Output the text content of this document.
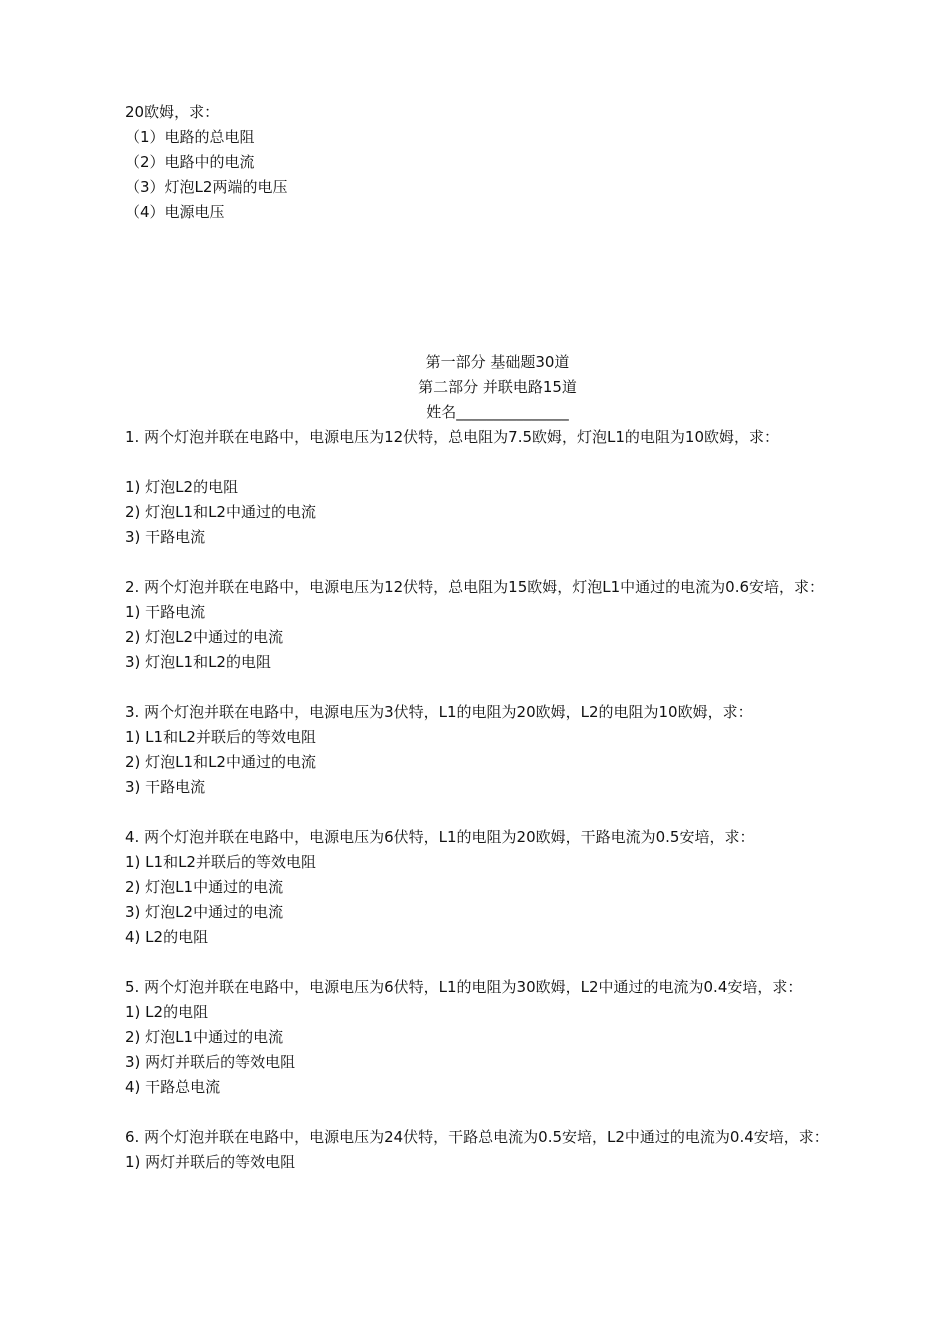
20欧姆，求：
（1）电路的总电阻
（2）电路中的电流
（3）灯泡L2两端的电压
（4）电源电压
第一部分 基础题30道
第二部分 并联电路15道
姓名_______________
1. 两个灯泡并联在电路中，电源电压为12伏特，总电阻为7.5欧姆，灯泡L1的电阻为10欧姆，求：
1) 灯泡L2的电阻
2) 灯泡L1和L2中通过的电流
3) 干路电流
2. 两个灯泡并联在电路中，电源电压为12伏特，总电阻为15欧姆，灯泡L1中通过的电流为0.6安培，求：
1) 干路电流
2) 灯泡L2中通过的电流
3) 灯泡L1和L2的电阻
3. 两个灯泡并联在电路中，电源电压为3伏特，L1的电阻为20欧姆，L2的电阻为10欧姆，求：
1) L1和L2并联后的等效电阻
2) 灯泡L1和L2中通过的电流
3) 干路电流
4. 两个灯泡并联在电路中，电源电压为6伏特，L1的电阻为20欧姆，干路电流为0.5安培，求：
1) L1和L2并联后的等效电阻
2) 灯泡L1中通过的电流
3) 灯泡L2中通过的电流
4) L2的电阻
5. 两个灯泡并联在电路中，电源电压为6伏特，L1的电阻为30欧姆，L2中通过的电流为0.4安培，求：
1) L2的电阻
2) 灯泡L1中通过的电流
3) 两灯并联后的等效电阻
4) 干路总电流
6. 两个灯泡并联在电路中，电源电压为24伏特，干路总电流为0.5安培，L2中通过的电流为0.4安培，求：
1) 两灯并联后的等效电阻
